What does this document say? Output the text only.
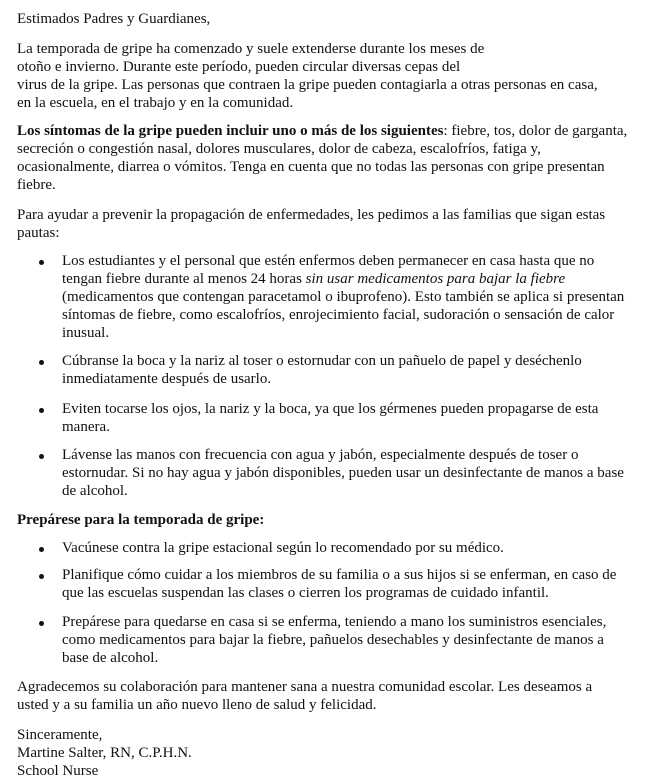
Estimados Padres y Guardianes,

La temporada de gripe ha comenzado y suele extenderse durante los meses de
otoño e invierno. Durante este período, pueden circular diversas cepas del
virus de la gripe. Las personas que contraen la gripe pueden contagiarla a otras personas en casa,
en la escuela, en el trabajo y en la comunidad.

Los síntomas de la gripe pueden incluir uno o más de los siguientes: fiebre, tos, dolor de garganta, secreción o congestión nasal, dolores musculares, dolor de cabeza, escalofríos, fatiga y, ocasionalmente, diarrea o vómitos. Tenga en cuenta que no todas las personas con gripe presentan fiebre.

Para ayudar a prevenir la propagación de enfermedades, les pedimos a las familias que sigan estas pautas:

Los estudiantes y el personal que estén enfermos deben permanecer en casa hasta que no tengan fiebre durante al menos 24 horas sin usar medicamentos para bajar la fiebre (medicamentos que contengan paracetamol o ibuprofeno). Esto también se aplica si presentan síntomas de fiebre, como escalofríos, enrojecimiento facial, sudoración o sensación de calor inusual.

Cúbranse la boca y la nariz al toser o estornudar con un pañuelo de papel y deséchenlo inmediatamente después de usarlo.

Eviten tocarse los ojos, la nariz y la boca, ya que los gérmenes pueden propagarse de esta manera.

Lávense las manos con frecuencia con agua y jabón, especialmente después de toser o estornudar. Si no hay agua y jabón disponibles, pueden usar un desinfectante de manos a base de alcohol.

Prepárese para la temporada de gripe:

Vacúnese contra la gripe estacional según lo recomendado por su médico.

Planifique cómo cuidar a los miembros de su familia o a sus hijos si se enferman, en caso de que las escuelas suspendan las clases o cierren los programas de cuidado infantil.

Prepárese para quedarse en casa si se enferma, teniendo a mano los suministros esenciales, como medicamentos para bajar la fiebre, pañuelos desechables y desinfectante de manos a base de alcohol.

Agradecemos su colaboración para mantener sana a nuestra comunidad escolar. Les deseamos a usted y a su familia un año nuevo lleno de salud y felicidad.

Sinceramente,
Martine Salter, RN, C.P.H.N.
School Nurse
